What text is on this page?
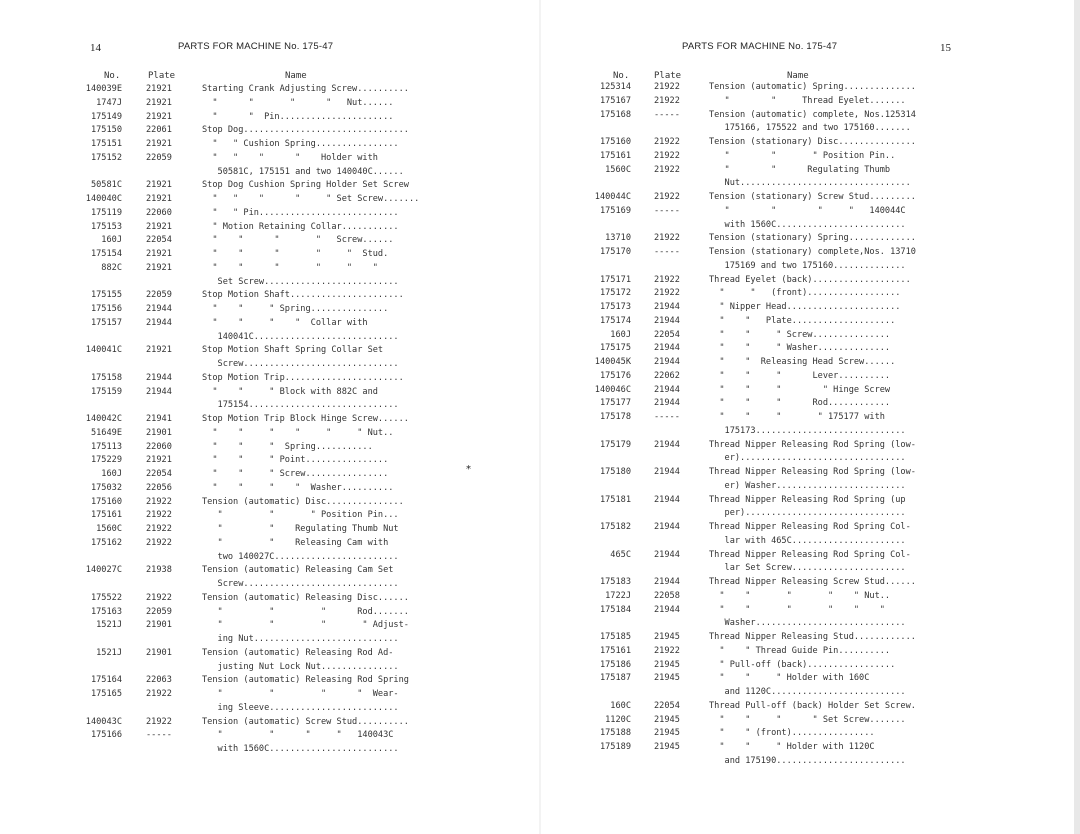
14	PARTS FOR MACHINE No. 175-47
No.	Plate	Name
140039E	21921	Starting Crank Adjusting Screw..........
1747J	21921	"      "       "      "   Nut......
175149	21921	"      "  Pin......................
175150	22061	Stop Dog................................
175151	21921	"   " Cushion Spring................
175152	22059	"   "    "      "    Holder with
50581C, 175151 and two 140040C......
50581C	21921	Stop Dog Cushion Spring Holder Set Screw
140040C	21921	"   "    "      "     " Set Screw.......
175119	22060	"   " Pin...........................
175153	21921	" Motion Retaining Collar...........
160J	22054	"    "      "       "   Screw......
175154	21921	"    "      "       "     "  Stud.
882C	21921	"    "      "       "     "    "
Set Screw..........................
175155	22059	Stop Motion Shaft......................
175156	21944	"    "     " Spring...............
175157	21944	"    "     "    "  Collar with
140041C............................
140041C	21921	Stop Motion Shaft Spring Collar Set
Screw..............................
175158	21944	Stop Motion Trip.......................
175159	21944	"    "     " Block with 882C and
175154.............................
140042C	21941	Stop Motion Trip Block Hinge Screw......
51649E	21901	"    "     "    "     "     " Nut..
175113	22060	"    "     "  Spring...........
175229	21921	"    "     " Point................
160J	22054	"    "     " Screw................
175032	22056	"    "     "    "  Washer..........
175160	21922	Tension (automatic) Disc...............
175161	21922	"         "       " Position Pin...
1560C	21922	"         "    Regulating Thumb Nut
175162	21922	"         "    Releasing Cam with
two 140027C........................
140027C	21938	Tension (automatic) Releasing Cam Set
Screw..............................
175522	21922	Tension (automatic) Releasing Disc......
175163	22059	"         "         "      Rod.......
1521J	21901	"         "         "       " Adjust-
ing Nut............................
1521J	21901	Tension (automatic) Releasing Rod Ad-
justing Nut Lock Nut...............
175164	22063	Tension (automatic) Releasing Rod Spring
175165	21922	"         "         "      "  Wear-
ing Sleeve.........................
140043C	21922	Tension (automatic) Screw Stud..........
175166	-----	"         "      "     "   140043C
with 1560C.........................
*
PARTS FOR MACHINE No. 175-47	15
No.	Plate	Name
125314	21922	Tension (automatic) Spring..............
175167	21922	"        "     Thread Eyelet.......
175168	-----	Tension (automatic) complete, Nos.125314
175166, 175522 and two 175160.......
175160	21922	Tension (stationary) Disc...............
175161	21922	"        "       " Position Pin..
1560C	21922	"        "      Regulating Thumb
Nut.................................
140044C	21922	Tension (stationary) Screw Stud.........
175169	-----	"        "        "     "   140044C
with 1560C.........................
13710	21922	Tension (stationary) Spring.............
175170	-----	Tension (stationary) complete,Nos. 13710
175169 and two 175160..............
175171	21922	Thread Eyelet (back)...................
175172	21922	"     "   (front)..................
175173	21944	" Nipper Head......................
175174	21944	"    "   Plate....................
160J	22054	"    "     " Screw...............
175175	21944	"    "     " Washer..............
140045K	21944	"    "  Releasing Head Screw......
175176	22062	"    "     "      Lever..........
140046C	21944	"    "     "        " Hinge Screw
175177	21944	"    "     "      Rod............
175178	-----	"    "     "       " 175177 with
175173.............................
175179	21944	Thread Nipper Releasing Rod Spring (low-
er)................................
175180	21944	Thread Nipper Releasing Rod Spring (low-
er) Washer.........................
175181	21944	Thread Nipper Releasing Rod Spring (up
per)...............................
175182	21944	Thread Nipper Releasing Rod Spring Col-
lar with 465C......................
465C	21944	Thread Nipper Releasing Rod Spring Col-
lar Set Screw......................
175183	21944	Thread Nipper Releasing Screw Stud......
1722J	22058	"    "       "       "    " Nut..
175184	21944	"    "       "       "    "    "
Washer.............................
175185	21945	Thread Nipper Releasing Stud............
175161	21922	"    " Thread Guide Pin..........
175186	21945	" Pull-off (back).................
175187	21945	"    "     " Holder with 160C
and 1120C..........................
160C	22054	Thread Pull-off (back) Holder Set Screw.
1120C	21945	"    "     "      " Set Screw.......
175188	21945	"    " (front)................
175189	21945	"    "     " Holder with 1120C
and 175190.........................
